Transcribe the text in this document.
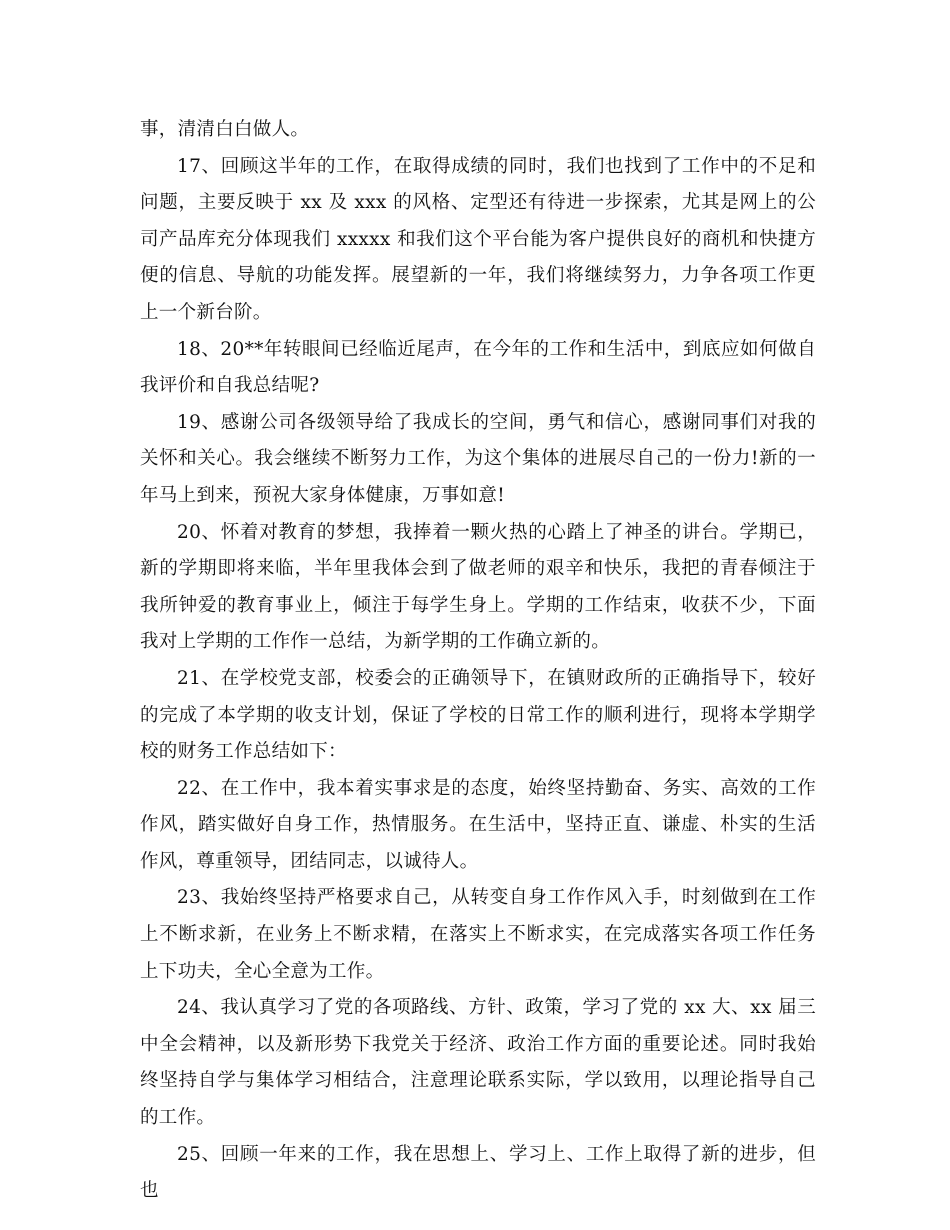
事，清清白白做人。

17、回顾这半年的工作，在取得成绩的同时，我们也找到了工作中的不足和问题，主要反映于 xx 及 xxx 的风格、定型还有待进一步探索，尤其是网上的公司产品库充分体现我们 xxxxx 和我们这个平台能为客户提供良好的商机和快捷方便的信息、导航的功能发挥。展望新的一年，我们将继续努力，力争各项工作更上一个新台阶。

18、20**年转眼间已经临近尾声，在今年的工作和生活中，到底应如何做自我评价和自我总结呢?

19、感谢公司各级领导给了我成长的空间，勇气和信心，感谢同事们对我的关怀和关心。我会继续不断努力工作，为这个集体的进展尽自己的一份力!新的一年马上到来，预祝大家身体健康，万事如意!

20、怀着对教育的梦想，我捧着一颗火热的心踏上了神圣的讲台。学期已，新的学期即将来临，半年里我体会到了做老师的艰辛和快乐，我把的青春倾注于我所钟爱的教育事业上，倾注于每学生身上。学期的工作结束，收获不少，下面我对上学期的工作作一总结，为新学期的工作确立新的。

21、在学校党支部，校委会的正确领导下，在镇财政所的正确指导下，较好的完成了本学期的收支计划，保证了学校的日常工作的顺利进行，现将本学期学校的财务工作总结如下：

22、在工作中，我本着实事求是的态度，始终坚持勤奋、务实、高效的工作作风，踏实做好自身工作，热情服务。在生活中，坚持正直、谦虚、朴实的生活作风，尊重领导，团结同志，以诚待人。

23、我始终坚持严格要求自己，从转变自身工作作风入手，时刻做到在工作上不断求新，在业务上不断求精，在落实上不断求实，在完成落实各项工作任务上下功夫，全心全意为工作。

24、我认真学习了党的各项路线、方针、政策，学习了党的 xx 大、xx 届三中全会精神，以及新形势下我党关于经济、政治工作方面的重要论述。同时我始终坚持自学与集体学习相结合，注意理论联系实际，学以致用，以理论指导自己的工作。

25、回顾一年来的工作，我在思想上、学习上、工作上取得了新的进步，但也
